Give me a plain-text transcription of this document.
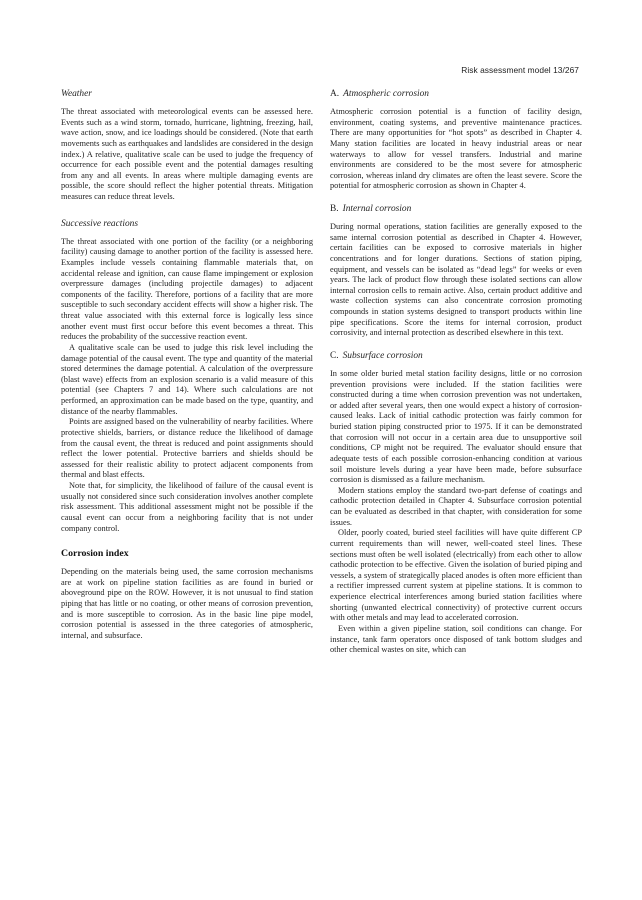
Risk assessment model 13/267
Weather

The threat associated with meteorological events can be assessed here. Events such as a wind storm, tornado, hurricane, lightning, freezing, hail, wave action, snow, and ice loadings should be considered. (Note that earth movements such as earthquakes and landslides are considered in the design index.) A relative, qualitative scale can be used to judge the frequency of occurrence for each possible event and the potential damages resulting from any and all events. In areas where multiple damaging events are possible, the score should reflect the higher potential threats. Mitigation measures can reduce threat levels.

Successive reactions

The threat associated with one portion of the facility (or a neighboring facility) causing damage to another portion of the facility is assessed here. Examples include vessels containing flammable materials that, on accidental release and ignition, can cause flame impingement or explosion overpressure damages (including projectile damages) to adjacent components of the facility. Therefore, portions of a facility that are more susceptible to such secondary accident effects will show a higher risk. The threat value associated with this external force is logically less since another event must first occur before this event becomes a threat. This reduces the probability of the successive reaction event.

A qualitative scale can be used to judge this risk level including the damage potential of the causal event. The type and quantity of the material stored determines the damage potential. A calculation of the overpressure (blast wave) effects from an explosion scenario is a valid measure of this potential (see Chapters 7 and 14). Where such calculations are not performed, an approximation can be made based on the type, quantity, and distance of the nearby flammables.

Points are assigned based on the vulnerability of nearby facilities. Where protective shields, barriers, or distance reduce the likelihood of damage from the causal event, the threat is reduced and point assignments should reflect the lower potential. Protective barriers and shields should be assessed for their realistic ability to protect adjacent components from thermal and blast effects.

Note that, for simplicity, the likelihood of failure of the causal event is usually not considered since such consideration involves another complete risk assessment. This additional assessment might not be possible if the causal event can occur from a neighboring facility that is not under company control.

Corrosion index

Depending on the materials being used, the same corrosion mechanisms are at work on pipeline station facilities as are found in buried or aboveground pipe on the ROW. However, it is not unusual to find station piping that has little or no coating, or other means of corrosion prevention, and is more susceptible to corrosion. As in the basic line pipe model, corrosion potential is assessed in the three categories of atmospheric, internal, and subsurface.

A. Atmospheric corrosion

Atmospheric corrosion potential is a function of facility design, environment, coating systems, and preventive maintenance practices. There are many opportunities for “hot spots” as described in Chapter 4. Many station facilities are located in heavy industrial areas or near waterways to allow for vessel transfers. Industrial and marine environments are considered to be the most severe for atmospheric corrosion, whereas inland dry climates are often the least severe. Score the potential for atmospheric corrosion as shown in Chapter 4.

B. Internal corrosion

During normal operations, station facilities are generally exposed to the same internal corrosion potential as described in Chapter 4. However, certain facilities can be exposed to corrosive materials in higher concentrations and for longer durations. Sections of station piping, equipment, and vessels can be isolated as “dead legs” for weeks or even years. The lack of product flow through these isolated sections can allow internal corrosion cells to remain active. Also, certain product additive and waste collection systems can also concentrate corrosion promoting compounds in station systems designed to transport products within line pipe specifications. Score the items for internal corrosion, product corrosivity, and internal protection as described elsewhere in this text.

C. Subsurface corrosion

In some older buried metal station facility designs, little or no corrosion prevention provisions were included. If the station facilities were constructed during a time when corrosion prevention was not undertaken, or added after several years, then one would expect a history of corrosion-caused leaks. Lack of initial cathodic protection was fairly common for buried station piping constructed prior to 1975. If it can be demonstrated that corrosion will not occur in a certain area due to unsupportive soil conditions, CP might not be required. The evaluator should ensure that adequate tests of each possible corrosion-enhancing condition at various soil moisture levels during a year have been made, before subsurface corrosion is dismissed as a failure mechanism.

Modern stations employ the standard two-part defense of coatings and cathodic protection detailed in Chapter 4. Subsurface corrosion potential can be evaluated as described in that chapter, with consideration for some issues.

Older, poorly coated, buried steel facilities will have quite different CP current requirements than will newer, well-coated steel lines. These sections must often be well isolated (electrically) from each other to allow cathodic protection to be effective. Given the isolation of buried piping and vessels, a system of strategically placed anodes is often more efficient than a rectifier impressed current system at pipeline stations. It is common to experience electrical interferences among buried station facilities where shorting (unwanted electrical connectivity) of protective current occurs with other metals and may lead to accelerated corrosion.

Even within a given pipeline station, soil conditions can change. For instance, tank farm operators once disposed of tank bottom sludges and other chemical wastes on site, which can
